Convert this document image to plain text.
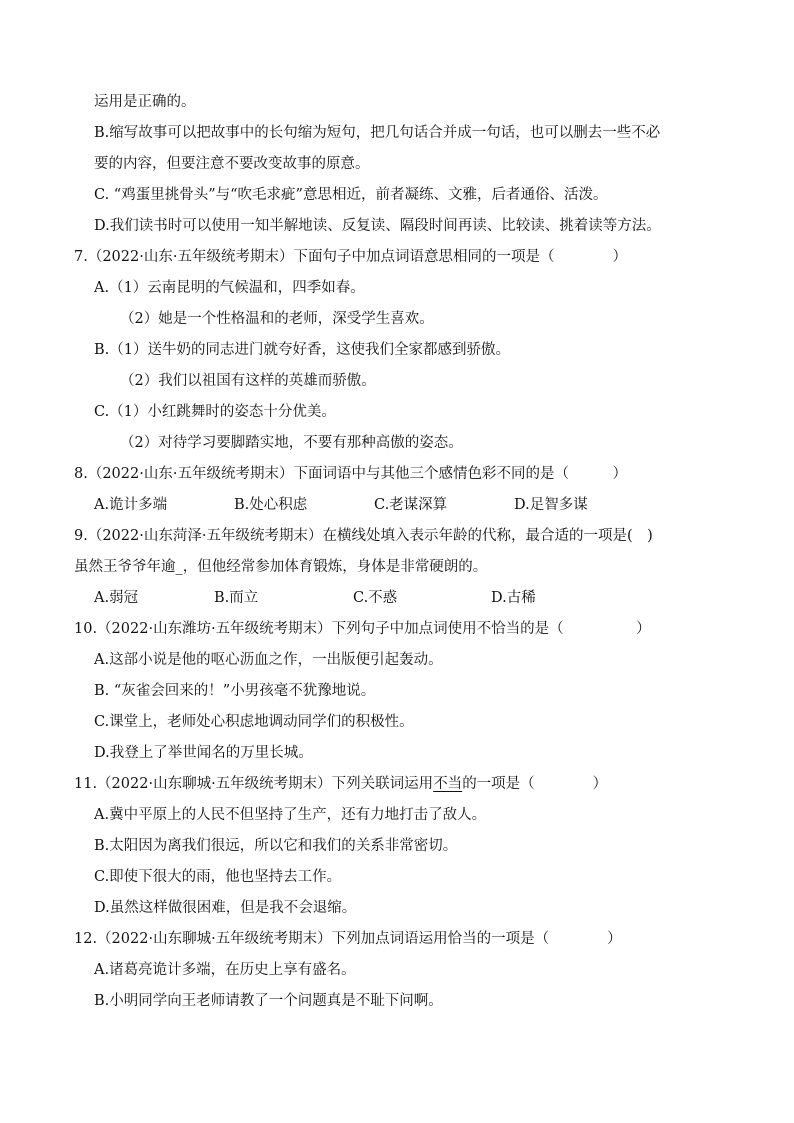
运用是正确的。
B.缩写故事可以把故事中的长句缩为短句，把几句话合并成一句话，也可以删去一些不必
要的内容，但要注意不要改变故事的原意。
C. “鸡蛋里挑骨头”与“吹毛求疵”意思相近，前者凝练、文雅，后者通俗、活泼。
D.我们读书时可以使用一知半解地读、反复读、隔段时间再读、比较读、挑着读等方法。
7.（2022·山东·五年级统考期末）下面句子中加点词语意思相同的一项是（　　　　）
A.（1）云南昆明的气候温和，四季如春。
（2）她是一个性格温和的老师，深受学生喜欢。
B.（1）送牛奶的同志进门就夸好香，这使我们全家都感到骄傲。
（2）我们以祖国有这样的英雄而骄傲。
C.（1）小红跳舞时的姿态十分优美。
（2）对待学习要脚踏实地，不要有那种高傲的姿态。
8.（2022·山东·五年级统考期末）下面词语中与其他三个感情色彩不同的是（　　　）
A.诡计多端	B.处心积虑	C.老谋深算	D.足智多谋
9.（2022·山东菏泽·五年级统考期末）在横线处填入表示年龄的代称，最合适的一项是(　)
虽然王爷爷年逾_，但他经常参加体育锻炼，身体是非常硬朗的。
A.弱冠	B.而立	C.不惑	D.古稀
10.（2022·山东潍坊·五年级统考期末）下列句子中加点词使用不恰当的是（　　　　　）
A.这部小说是他的呕心沥血之作，一出版便引起轰动。
B. “灰雀会回来的！”小男孩毫不犹豫地说。
C.课堂上，老师处心积虑地调动同学们的积极性。
D.我登上了举世闻名的万里长城。
11.（2022·山东聊城·五年级统考期末）下列关联词运用不当的一项是（　　　　）
A.冀中平原上的人民不但坚持了生产，还有力地打击了敌人。
B.太阳因为离我们很远，所以它和我们的关系非常密切。
C.即使下很大的雨，他也坚持去工作。
D.虽然这样做很困难，但是我不会退缩。
12.（2022·山东聊城·五年级统考期末）下列加点词语运用恰当的一项是（　　　　）
A.诸葛亮诡计多端，在历史上享有盛名。
B.小明同学向王老师请教了一个问题真是不耻下问啊。
